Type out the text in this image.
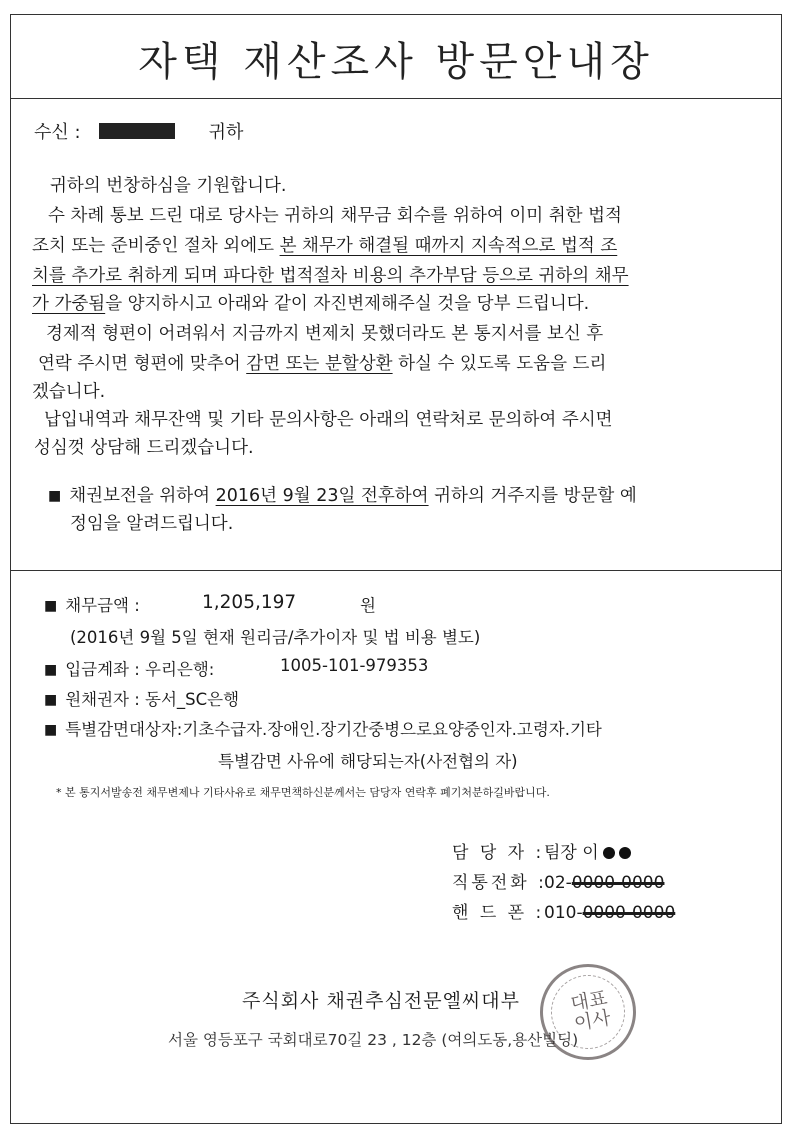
자택 재산조사 방문안내장
수신 :	귀하
귀하의 번창하심을 기원합니다.
수 차례 통보 드린 대로 당사는 귀하의 채무금 회수를 위하여 이미 취한 법적
조치 또는 준비중인 절차 외에도 본 채무가 해결될 때까지 지속적으로 법적 조
치를 추가로 취하게 되며 파다한 법적절차 비용의 추가부담 등으로 귀하의 채무
가 가중됨을 양지하시고 아래와 같이 자진변제해주실 것을 당부 드립니다.
경제적 형편이 어려워서 지금까지 변제치 못했더라도 본 통지서를 보신 후
연락 주시면 형편에 맞추어 감면 또는 분할상환 하실 수 있도록 도움을 드리
겠습니다.
납입내역과 채무잔액 및 기타 문의사항은 아래의 연락처로 문의하여 주시면
성심껏 상담해 드리겠습니다.
■ 채권보전을 위하여 2016년 9월 23일 전후하여 귀하의 거주지를 방문할 예
정임을 알려드립니다.
■ 채무금액 :	1,205,197	원
(2016년 9월 5일 현재 원리금/추가이자 및 법 비용 별도)
■ 입금계좌 : 우리은행:	1005-101-979353
■ 원채권자 : 동서_SC은행
■ 특별감면대상자:기초수급자.장애인.장기간중병으로요양중인자.고령자.기타
특별감면 사유에 해당되는자(사전협의 자)
* 본 통지서발송전 채무변제나 기타사유로 채무면책하신분께서는 담당자 연락후 폐기처분하길바랍니다.
담 당 자 :팀장 이
직통전화 :02-0000-0000
핸 드 폰 :010-0000-0000
주식회사 채권추심전문엘씨대부
서울 영등포구 국회대로70길 23 , 12층 (여의도동,용산빌딩)
대표이사
